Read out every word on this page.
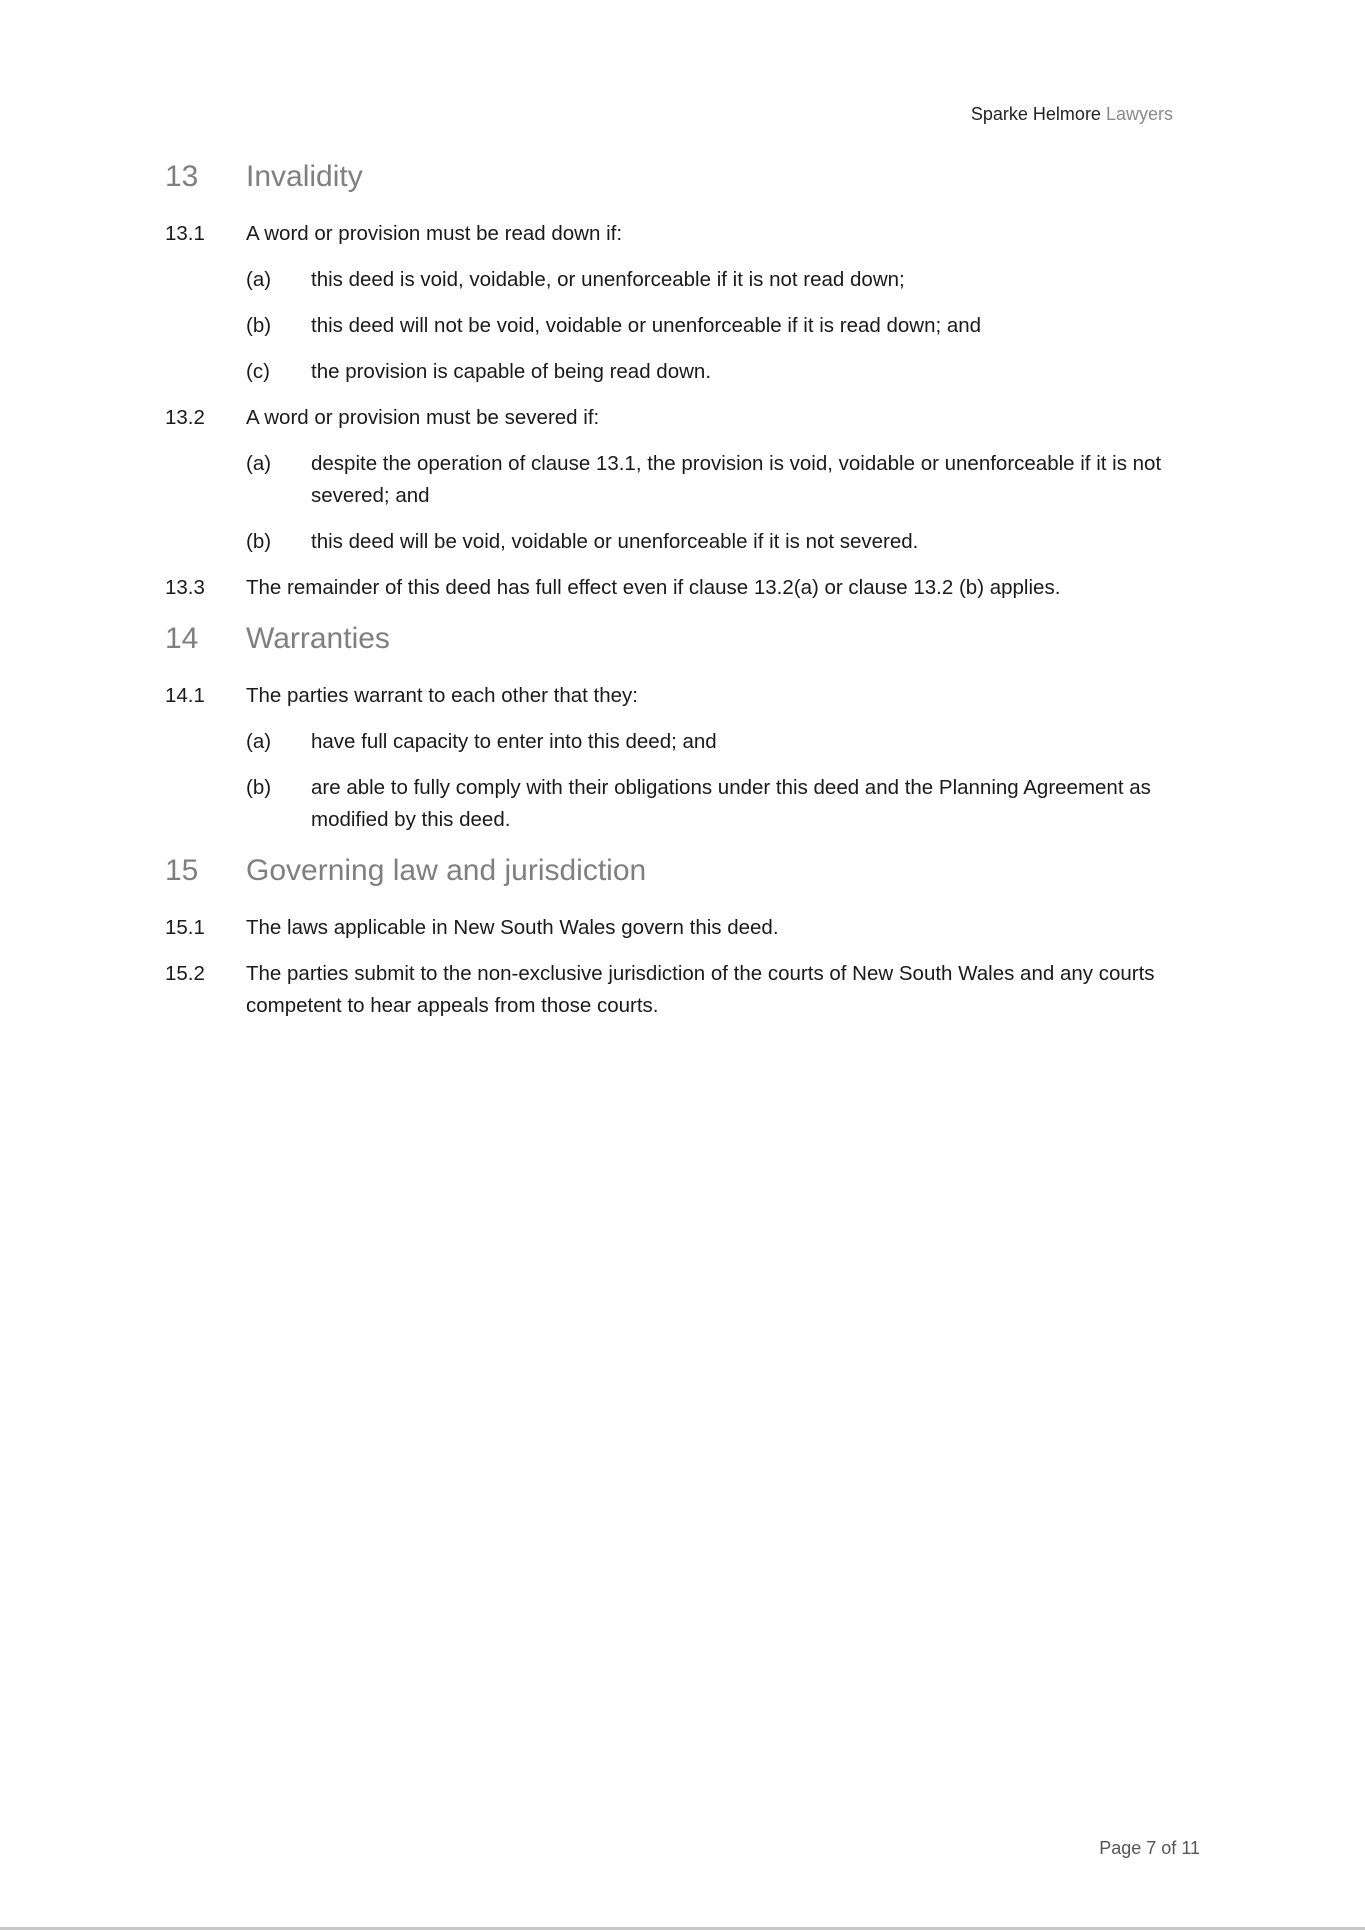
Sparke Helmore Lawyers
13	Invalidity
13.1	A word or provision must be read down if:
(a)	this deed is void, voidable, or unenforceable if it is not read down;
(b)	this deed will not be void, voidable or unenforceable if it is read down; and
(c)	the provision is capable of being read down.
13.2	A word or provision must be severed if:
(a)	despite the operation of clause 13.1, the provision is void, voidable or unenforceable if it is not severed; and
(b)	this deed will be void, voidable or unenforceable if it is not severed.
13.3	The remainder of this deed has full effect even if clause 13.2(a) or clause 13.2 (b) applies.
14	Warranties
14.1	The parties warrant to each other that they:
(a)	have full capacity to enter into this deed; and
(b)	are able to fully comply with their obligations under this deed and the Planning Agreement as modified by this deed.
15	Governing law and jurisdiction
15.1	The laws applicable in New South Wales govern this deed.
15.2	The parties submit to the non-exclusive jurisdiction of the courts of New South Wales and any courts competent to hear appeals from those courts.
Page 7 of 11
